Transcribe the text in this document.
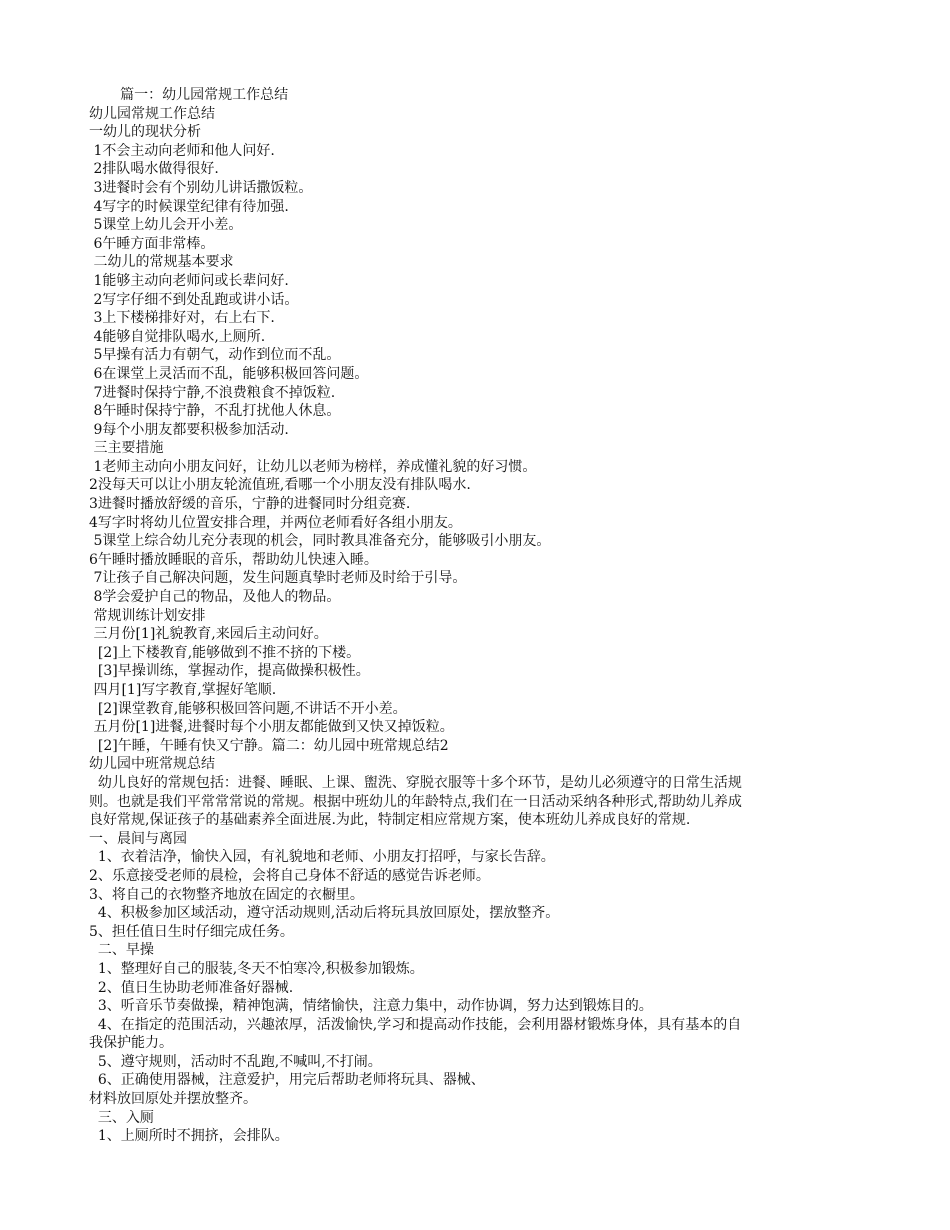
篇一：幼儿园常规工作总结
幼儿园常规工作总结
一幼儿的现状分析
1不会主动向老师和他人问好.
2排队喝水做得很好.
3进餐时会有个别幼儿讲话撒饭粒。
4写字的时候课堂纪律有待加强.
5课堂上幼儿会开小差。
6午睡方面非常棒。
二幼儿的常规基本要求
1能够主动向老师问或长辈问好.
2写字仔细不到处乱跑或讲小话。
3上下楼梯排好对，右上右下.
4能够自觉排队喝水,上厕所.
5早操有活力有朝气，动作到位而不乱。
6在课堂上灵活而不乱，能够积极回答问题。
7进餐时保持宁静,不浪费粮食不掉饭粒.
8午睡时保持宁静，不乱打扰他人休息。
9每个小朋友都要积极参加活动.
三主要措施
1老师主动向小朋友问好，让幼儿以老师为榜样，养成懂礼貌的好习惯。
2没每天可以让小朋友轮流值班,看哪一个小朋友没有排队喝水.
3进餐时播放舒缓的音乐，宁静的进餐同时分组竞赛.
4写字时将幼儿位置安排合理，并两位老师看好各组小朋友。
5课堂上综合幼儿充分表现的机会，同时教具准备充分，能够吸引小朋友。
6午睡时播放睡眠的音乐，帮助幼儿快速入睡。
7让孩子自己解决问题，发生问题真挚时老师及时给于引导。
8学会爱护自己的物品，及他人的物品。
常规训练计划安排
三月份[1]礼貌教育,来园后主动问好。
[2]上下楼教育,能够做到不推不挤的下楼。
[3]早操训练，掌握动作，提高做操积极性。
四月[1]写字教育,掌握好笔顺.
[2]课堂教育,能够积极回答问题,不讲话不开小差。
五月份[1]进餐,进餐时每个小朋友都能做到又快又掉饭粒。
[2]午睡，午睡有快又宁静。篇二：幼儿园中班常规总结2
幼儿园中班常规总结
幼儿良好的常规包括：进餐、睡眠、上课、盥洗、穿脱衣服等十多个环节，是幼儿必须遵守的日常生活规
则。也就是我们平常常常说的常规。根据中班幼儿的年龄特点,我们在一日活动采纳各种形式,帮助幼儿养成
良好常规,保证孩子的基础素养全面进展.为此，特制定相应常规方案，使本班幼儿养成良好的常规.
一、晨间与离园
1、衣着洁净，愉快入园，有礼貌地和老师、小朋友打招呼，与家长告辞。
2、乐意接受老师的晨检，会将自己身体不舒适的感觉告诉老师。
3、将自己的衣物整齐地放在固定的衣橱里。
4、积极参加区域活动，遵守活动规则,活动后将玩具放回原处，摆放整齐。
5、担任值日生时仔细完成任务。
二、早操
1、整理好自己的服装,冬天不怕寒冷,积极参加锻炼。
2、值日生协助老师准备好器械.
3、听音乐节奏做操，精神饱满，情绪愉快，注意力集中，动作协调，努力达到锻炼目的。
4、在指定的范围活动，兴趣浓厚，活泼愉快,学习和提高动作技能，会利用器材锻炼身体，具有基本的自
我保护能力。
5、遵守规则，活动时不乱跑,不喊叫,不打闹。
6、正确使用器械，注意爱护，用完后帮助老师将玩具、器械、
材料放回原处并摆放整齐。
三、入厕
1、上厕所时不拥挤，会排队。
